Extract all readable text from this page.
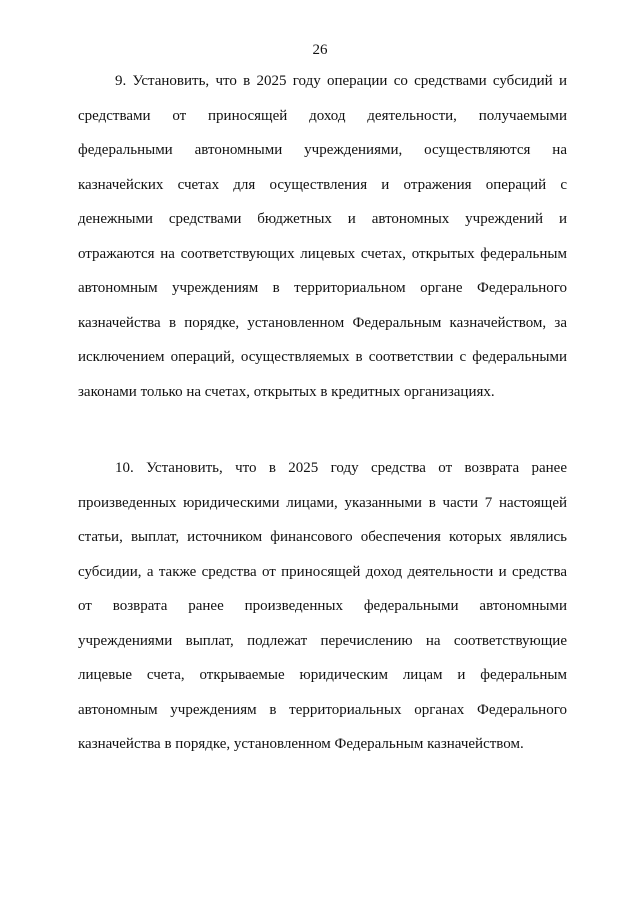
26

9. Установить, что в 2025 году операции со средствами субсидий и средствами от приносящей доход деятельности, получаемыми федеральными автономными учреждениями, осуществляются на казначейских счетах для осуществления и отражения операций с денежными средствами бюджетных и автономных учреждений и отражаются на соответствующих лицевых счетах, открытых федеральным автономным учреждениям в территориальном органе Федерального казначейства в порядке, установленном Федеральным казначейством, за исключением операций, осуществляемых в соответствии с федеральными законами только на счетах, открытых в кредитных организациях.

10. Установить, что в 2025 году средства от возврата ранее произведенных юридическими лицами, указанными в части 7 настоящей статьи, выплат, источником финансового обеспечения которых являлись субсидии, а также средства от приносящей доход деятельности и средства от возврата ранее произведенных федеральными автономными учреждениями выплат, подлежат перечислению на соответствующие лицевые счета, открываемые юридическим лицам и федеральным автономным учреждениям в территориальных органах Федерального казначейства в порядке, установленном Федеральным казначейством.
